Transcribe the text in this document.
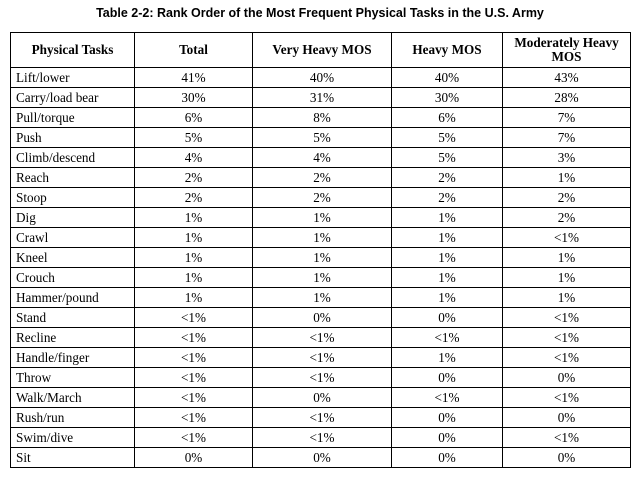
Table 2-2: Rank Order of the Most Frequent Physical Tasks in the U.S. Army
Physical Tasks	Total	Very Heavy MOS	Heavy MOS	Moderately Heavy MOS
Lift/lower	41%	40%	40%	43%
Carry/load bear	30%	31%	30%	28%
Pull/torque	6%	8%	6%	7%
Push	5%	5%	5%	7%
Climb/descend	4%	4%	5%	3%
Reach	2%	2%	2%	1%
Stoop	2%	2%	2%	2%
Dig	1%	1%	1%	2%
Crawl	1%	1%	1%	<1%
Kneel	1%	1%	1%	1%
Crouch	1%	1%	1%	1%
Hammer/pound	1%	1%	1%	1%
Stand	<1%	0%	0%	<1%
Recline	<1%	<1%	<1%	<1%
Handle/finger	<1%	<1%	1%	<1%
Throw	<1%	<1%	0%	0%
Walk/March	<1%	0%	<1%	<1%
Rush/run	<1%	<1%	0%	0%
Swim/dive	<1%	<1%	0%	<1%
Sit	0%	0%	0%	0%
